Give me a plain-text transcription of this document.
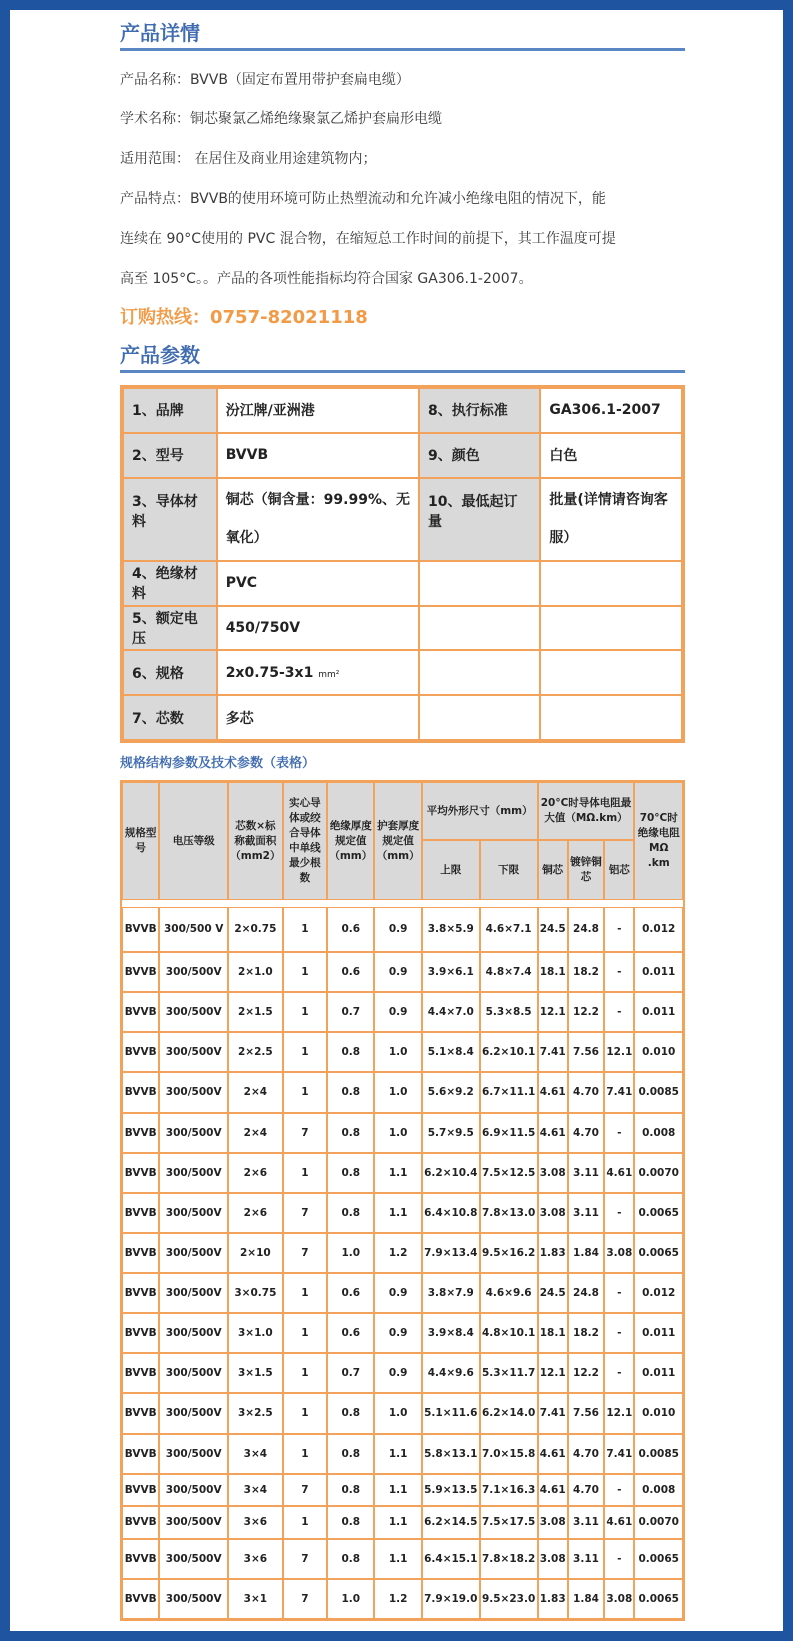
产品详情

产品名称：BVVB（固定布置用带护套扁电缆）

学术名称：铜芯聚氯乙烯绝缘聚氯乙烯护套扁形电缆

适用范围： 在居住及商业用途建筑物内；

产品特点：BVVB的使用环境可防止热塑流动和允许减小绝缘电阻的情况下，能

连续在 90°C使用的 PVC 混合物，在缩短总工作时间的前提下，其工作温度可提

高至 105°C。。产品的各项性能指标均符合国家 GA306.1-2007。

订购热线：0757-82021118

产品参数
1、品牌	汾江牌/亚洲港	8、执行标准	GA306.1-2007
2、型号	BVVB	9、颜色	白色
3、导体材料	铜芯（铜含量：99.99%、无氧化）	10、最低起订量	批量(详情请咨询客服）
4、绝缘材料	PVC		
5、额定电压	450/750V		
6、规格	2x0.75-3x1 mm²		
7、芯数	多芯		
规格结构参数及技术参数（表格）
规格型号	电压等级	芯数×标称截面积（mm2）	实心导体或绞合导体中单线最少根数	绝缘厚度规定值（mm）	护套厚度规定值（mm）	平均外形尺寸（mm）		20°C时导体电阻最大值（MΩ.km）			70°C时绝缘电阻MΩ .km
						上限	下限	铜芯	镀锌铜芯	铝芯	

BVVB	300/500 V	2×0.75	1	0.6	0.9	3.8×5.9	4.6×7.1	24.5	24.8	-	0.012
BVVB	300/500V	2×1.0	1	0.6	0.9	3.9×6.1	4.8×7.4	18.1	18.2	-	0.011
BVVB	300/500V	2×1.5	1	0.7	0.9	4.4×7.0	5.3×8.5	12.1	12.2	-	0.011
BVVB	300/500V	2×2.5	1	0.8	1.0	5.1×8.4	6.2×10.1	7.41	7.56	12.1	0.010
BVVB	300/500V	2×4	1	0.8	1.0	5.6×9.2	6.7×11.1	4.61	4.70	7.41	0.0085
BVVB	300/500V	2×4	7	0.8	1.0	5.7×9.5	6.9×11.5	4.61	4.70	-	0.008
BVVB	300/500V	2×6	1	0.8	1.1	6.2×10.4	7.5×12.5	3.08	3.11	4.61	0.0070
BVVB	300/500V	2×6	7	0.8	1.1	6.4×10.8	7.8×13.0	3.08	3.11	-	0.0065
BVVB	300/500V	2×10	7	1.0	1.2	7.9×13.4	9.5×16.2	1.83	1.84	3.08	0.0065
BVVB	300/500V	3×0.75	1	0.6	0.9	3.8×7.9	4.6×9.6	24.5	24.8	-	0.012
BVVB	300/500V	3×1.0	1	0.6	0.9	3.9×8.4	4.8×10.1	18.1	18.2	-	0.011
BVVB	300/500V	3×1.5	1	0.7	0.9	4.4×9.6	5.3×11.7	12.1	12.2	-	0.011
BVVB	300/500V	3×2.5	1	0.8	1.0	5.1×11.6	6.2×14.0	7.41	7.56	12.1	0.010
BVVB	300/500V	3×4	1	0.8	1.1	5.8×13.1	7.0×15.8	4.61	4.70	7.41	0.0085
BVVB	300/500V	3×4	7	0.8	1.1	5.9×13.5	7.1×16.3	4.61	4.70	-	0.008
BVVB	300/500V	3×6	1	0.8	1.1	6.2×14.5	7.5×17.5	3.08	3.11	4.61	0.0070
BVVB	300/500V	3×6	7	0.8	1.1	6.4×15.1	7.8×18.2	3.08	3.11	-	0.0065
BVVB	300/500V	3×1	7	1.0	1.2	7.9×19.0	9.5×23.0	1.83	1.84	3.08	0.0065
